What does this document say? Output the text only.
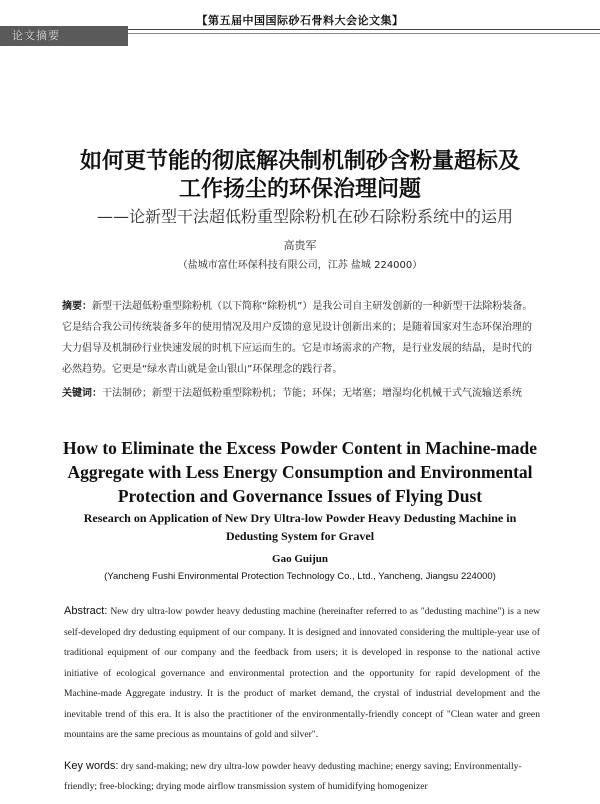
论文摘要
【第五届中国国际砂石骨料大会论文集】
如何更节能的彻底解决制机制砂含粉量超标及
工作扬尘的环保治理问题
——论新型干法超低粉重型除粉机在砂石除粉系统中的运用
高贵军
（盐城市富仕环保科技有限公司，江苏 盐城 224000）
摘要：新型干法超低粉重型除粉机（以下简称“除粉机”）是我公司自主研发创新的一种新型干法除粉装备。它是结合我公司传统装备多年的使用情况及用户反馈的意见设计创新出来的；是随着国家对生态环保治理的大力倡导及机制砂行业快速发展的时机下应运而生的。它是市场需求的产物，是行业发展的结晶，是时代的必然趋势。它更是“绿水青山就是金山银山”环保理念的践行者。
关键词：干法制砂；新型干法超低粉重型除粉机；节能；环保；无堵塞；增湿均化机械干式气流输送系统
How to Eliminate the Excess Powder Content in Machine-made Aggregate with Less Energy Consumption and Environmental Protection and Governance Issues of Flying Dust
Research on Application of New Dry Ultra-low Powder Heavy Dedusting Machine in Dedusting System for Gravel
Gao Guijun
(Yancheng Fushi Environmental Protection Technology Co., Ltd., Yancheng, Jiangsu 224000)
Abstract: New dry ultra-low powder heavy dedusting machine (hereinafter referred to as "dedusting machine") is a new self-developed dry dedusting equipment of our company. It is designed and innovated considering the multiple-year use of traditional equipment of our company and the feedback from users; it is developed in response to the national active initiative of ecological governance and environmental protection and the opportunity for rapid development of the Machine-made Aggregate industry. It is the product of market demand, the crystal of industrial development and the inevitable trend of this era. It is also the practitioner of the environmentally-friendly concept of "Clean water and green mountains are the same precious as mountains of gold and silver".
Key words: dry sand-making; new dry ultra-low powder heavy dedusting machine; energy saving; Environmentally-friendly; free-blocking; drying mode airflow transmission system of humidifying homogenizer
